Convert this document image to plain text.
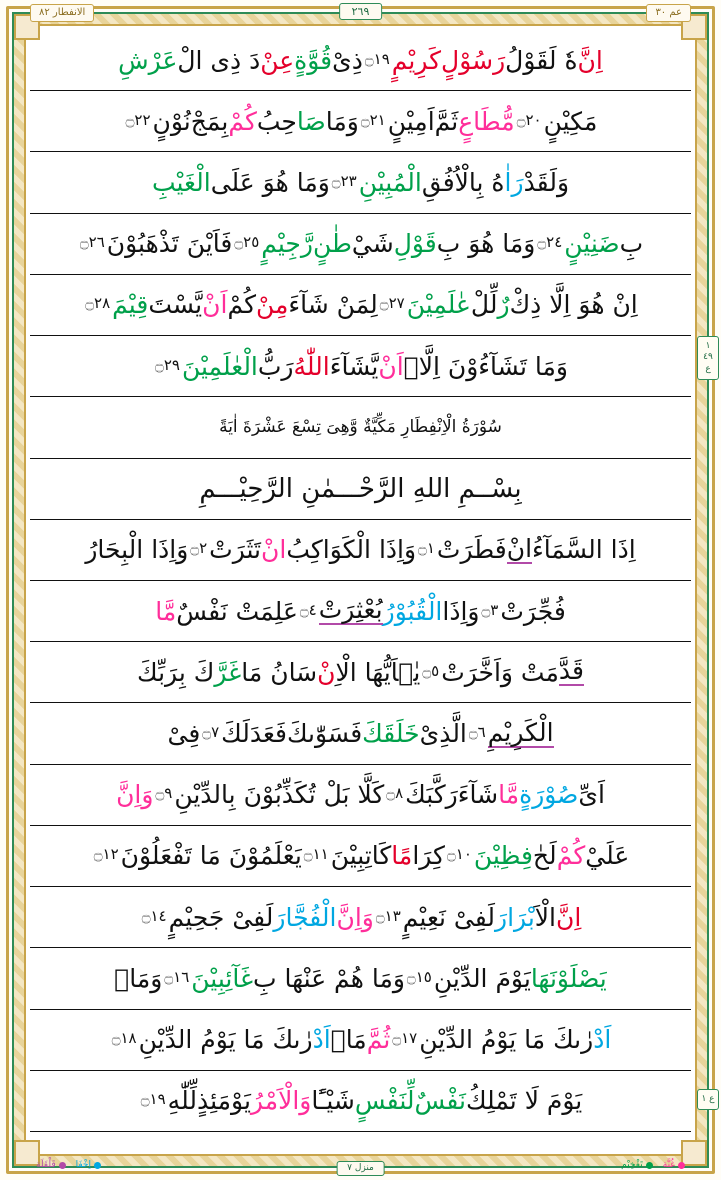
الانفطار ٨٢	عم ٣٠
٢٦٩
منزل ٧
١ ٤٩ ع
ع ١
اِنَّ
هٗ لَقَوْلُ
رَسُوْلٍ
كَرِيْمٍ
۝١٩
ذِىْ
قُوَّةٍ
عِنْ
دَ ذِى الْ
عَرْشِ
مَكِيْنٍ
۝٢٠
مُّطَاعٍ
ثَمَّ
اَمِيْنٍ
۝٢١
وَمَا
صَا
حِبُ
كُمْ
بِمَجْ
نُوْنٍ
۝٢٢
وَلَقَدْ
رَاٰ
هُ بِالْاُفُقِ
الْمُبِيْنِ
۝٢٣
وَمَا هُوَ عَلَى
الْغَيْبِ
بِ
ضَنِيْنٍ
۝٢٤
وَمَا هُوَ بِ
قَوْلِ
شَيْ
طٰنٍ
رَّجِيْمٍ
۝٢٥
فَاَيْنَ تَذْهَبُوْنَ
۝٢٦
اِنْ هُوَ اِلَّا ذِكْ
رٌ
لِّلْ
عٰلَمِيْنَ
۝٢٧
لِمَنْ شَآءَ
مِنْ
كُمْ
اَنْ
يَّسْتَ
قِيْمَ
۝٢٨
وَمَا تَشَآءُوْنَ اِلَّاۤ
اَنْ
يَّشَآءَ
اللّٰهُ
رَبُّ
الْعٰلَمِيْنَ
۝٢٩
سُوْرَةُ الْاِنْفِطَارِ مَكِّيَّةٌ وَّهِىَ تِسْعَ عَشْرَةَ اٰيَةً
بِسْــمِ اللهِ الرَّحْـــمٰنِ الرَّحِيْـــمِ
اِذَا السَّمَآءُ
انْ
فَطَرَتْ
۝١
وَاِذَا الْكَوَاكِبُ
انْ
تَثَرَتْ
۝٢
وَاِذَا الْبِحَارُ
فُجِّرَتْ
۝٣
وَاِذَا
الْقُبُوْرُ
بُعْثِرَتْ
۝٤
عَلِمَتْ نَفْسٌ
مَّا
قَدَّ
مَتْ وَاَخَّرَتْ
۝٥
يٰۤاَيُّهَا الْاِ
نْ
سَانُ مَا
غَرَّ
كَ بِرَبِّكَ
الْكَرِيْمِ
۝٦
الَّذِىْ
خَلَقَكَ
فَسَوّٰىكَ
فَعَدَلَكَ
۝٧
فِىْ
اَىِّ
صُوْرَةٍ
مَّا
شَآءَ
رَكَّبَكَ
۝٨
كَلَّا بَلْ تُكَذِّبُوْنَ بِالدِّيْنِ
۝٩
وَاِنَّ
عَلَيْ
كُمْ
لَحٰ
فِظِيْنَ
۝١٠
كِرَا
مًا
كَاتِبِيْنَ
۝١١
يَعْلَمُوْنَ مَا تَفْعَلُوْنَ
۝١٢
اِنَّ
الْاَ
بْرَارَ
لَفِىْ نَعِيْمٍ
۝١٣
وَاِنَّ
الْفُجَّارَ
لَفِىْ جَحِيْمٍ
۝١٤
يَصْلَوْنَهَا
يَوْمَ الدِّيْنِ
۝١٥
وَمَا هُمْ عَنْهَا بِ
غَآئِبِيْنَ
۝١٦
وَمَاۤ
اَدْ
رٰىكَ مَا يَوْمُ الدِّيْنِ
۝١٧
ثُمَّ
مَاۤ
اَدْ
رٰىكَ مَا يَوْمُ الدِّيْنِ
۝١٨
يَوْمَ لَا تَمْلِكُ
نَفْسٌ
لِّنَفْسٍ
شَيْـًٔا
وَالْاَمْرُ
يَوْمَئِذٍ
لِّلّٰهِ
۝١٩
اِخْفَا
قَلْقَلَة	غُنَّة
تَفْخِيْم
